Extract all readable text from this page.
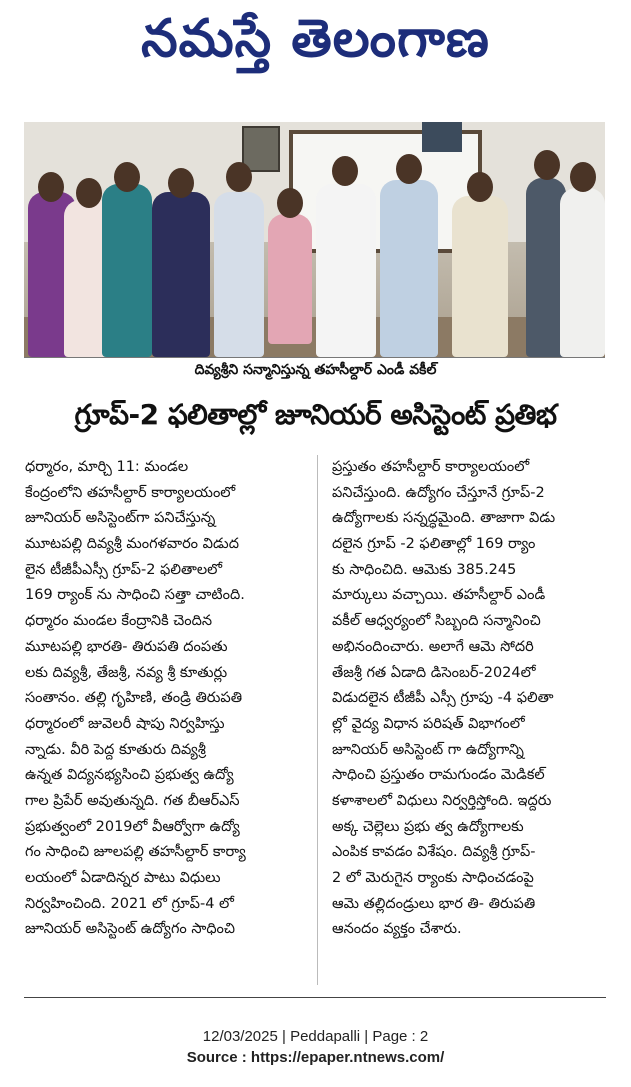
నమస్తే తెలంగాణ
దివ్యశ్రీని సన్మానిస్తున్న తహసీల్దార్ ఎండీ వకీల్
గ్రూప్-2 ఫలితాల్లో జూనియర్ అసిస్టెంట్ ప్రతిభ
ధర్మారం, మార్చి 11: మండల
కేంద్రంలోని తహసీల్దార్ కార్యాలయంలో
జూనియర్ అసిస్టెంట్‌గా పనిచేస్తున్న
మూటపల్లి దివ్యశ్రీ మంగళవారం విడుద
లైన టీజీపీఎస్సీ గ్రూప్-2 ఫలితాలలో
169 ర్యాంక్ ను సాధించి సత్తా చాటింది.
ధర్మారం మండల కేంద్రానికి చెందిన
మూటపల్లి భారతి- తిరుపతి దంపతు
లకు దివ్యశ్రీ, తేజశ్రీ, నవ్య శ్రీ కూతుర్లు
సంతానం. తల్లి గృహిణి, తండ్రి తిరుపతి
ధర్మారంలో జువెలరీ షాపు నిర్వహిస్తు
న్నాడు. వీరి పెద్ద కూతురు దివ్యశ్రీ
ఉన్నత విద్యనభ్యసించి ప్రభుత్వ ఉద్యో
గాల ప్రిపేర్ అవుతున్నది. గత బీఆర్ఎస్
ప్రభుత్వంలో 2019లో వీఆర్వోగా ఉద్యో
గం సాధించి జూలపల్లి తహసీల్దార్ కార్యా
లయంలో ఏడాదిన్నర పాటు విధులు
నిర్వహించింది. 2021 లో గ్రూప్-4 లో
జూనియర్ అసిస్టెంట్ ఉద్యోగం సాధించి
ప్రస్తుతం తహసీల్దార్ కార్యాలయంలో
పనిచేస్తుంది. ఉద్యోగం చేస్తూనే గ్రూప్-2
ఉద్యోగాలకు సన్నద్ధమైంది. తాజాగా విడు
దలైన గ్రూప్ -2 ఫలితాల్లో 169 ర్యాం
కు సాధించిది. ఆమెకు 385.245
మార్కులు వచ్చాయి. తహసీల్దార్ ఎండీ
వకీల్ ఆధ్వర్యంలో సిబ్బంది సన్మానించి
అభినందించారు. అలాగే ఆమె సోదరి
తేజశ్రీ గత ఏడాది డిసెంబర్-2024లో
విడుదలైన టీజీపీ ఎస్సీ గ్రూపు -4 ఫలితా
ల్లో వైద్య విధాన పరిషత్ విభాగంలో
జూనియర్ అసిస్టెంట్ గా ఉద్యోగాన్ని
సాధించి ప్రస్తుతం రామగుండం మెడికల్
కళాశాలలో విధులు నిర్వర్తిస్తోంది. ఇద్దరు
అక్క చెల్లెలు ప్రభు త్వ ఉద్యోగాలకు
ఎంపిక కావడం విశేషం. దివ్యశ్రీ గ్రూప్-
2 లో మెరుగైన ర్యాంకు సాధించడంపై
ఆమె తల్లిదండ్రులు భార తి- తిరుపతి
ఆనందం వ్యక్తం చేశారు.
12/03/2025 | Peddapalli | Page : 2
Source : https://epaper.ntnews.com/
